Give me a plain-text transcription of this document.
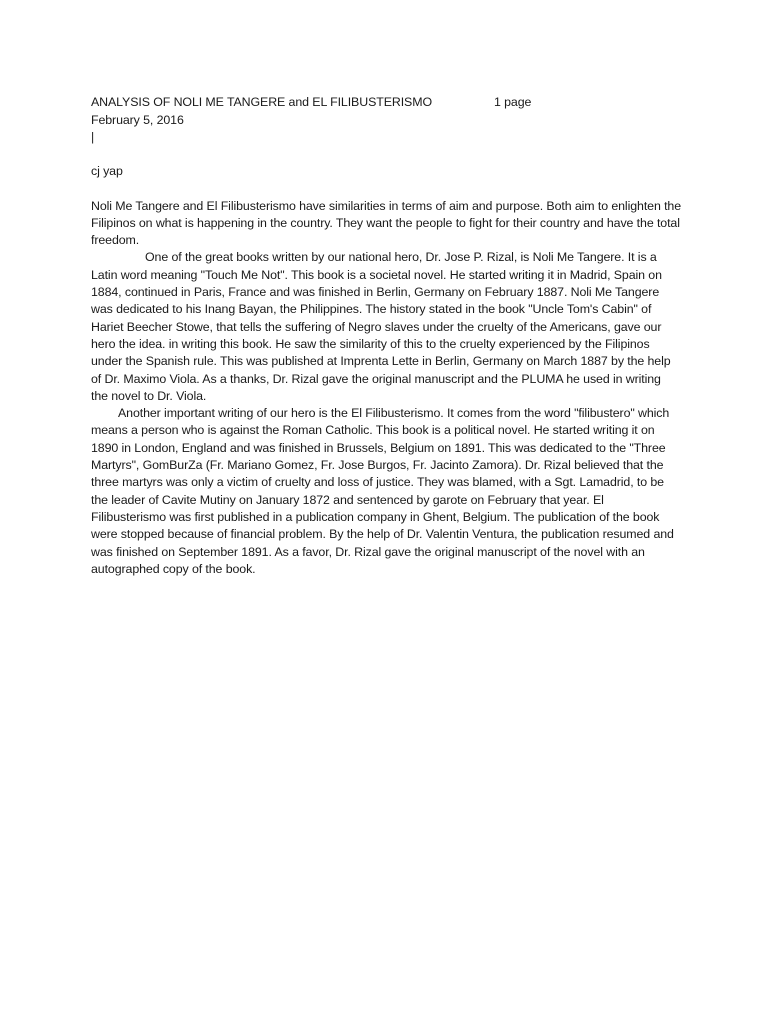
ANALYSIS OF NOLI ME TANGERE and EL FILIBUSTERISMO	1 page
February 5, 2016
|
cj yap

Noli Me Tangere and El Filibusterismo have similarities in terms of aim and purpose. Both aim to enlighten the Filipinos on what is happening in the country. They want the people to fight for their country and have the total freedom.

One of the great books written by our national hero, Dr. Jose P. Rizal, is Noli Me Tangere. It is a Latin word meaning "Touch Me Not". This book is a societal novel. He started writing it in Madrid, Spain on 1884, continued in Paris, France and was finished in Berlin, Germany on February 1887. Noli Me Tangere was dedicated to his Inang Bayan, the Philippines. The history stated in the book "Uncle Tom's Cabin" of Hariet Beecher Stowe, that tells the suffering of Negro slaves under the cruelty of the Americans, gave our hero the idea. in writing this book. He saw the similarity of this to the cruelty experienced by the Filipinos under the Spanish rule. This was published at Imprenta Lette in Berlin, Germany on March 1887 by the help of Dr. Maximo Viola. As a thanks, Dr. Rizal gave the original manuscript and the PLUMA he used in writing the novel to Dr. Viola.

Another important writing of our hero is the El Filibusterismo. It comes from the word "filibustero" which means a person who is against the Roman Catholic. This book is a political novel. He started writing it on 1890 in London, England and was finished in Brussels, Belgium on 1891. This was dedicated to the "Three Martyrs", GomBurZa (Fr. Mariano Gomez, Fr. Jose Burgos, Fr. Jacinto Zamora). Dr. Rizal believed that the three martyrs was only a victim of cruelty and loss of justice. They was blamed, with a Sgt. Lamadrid, to be the leader of Cavite Mutiny on January 1872 and sentenced by garote on February that year. El Filibusterismo was first published in a publication company in Ghent, Belgium. The publication of the book were stopped because of financial problem. By the help of Dr. Valentin Ventura, the publication resumed and was finished on September 1891. As a favor, Dr. Rizal gave the original manuscript of the novel with an autographed copy of the book.
